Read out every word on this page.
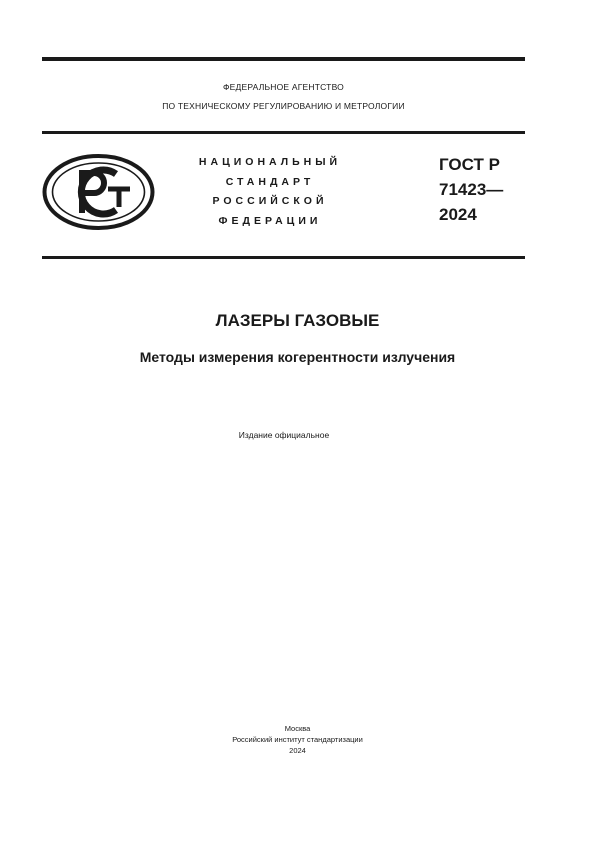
ФЕДЕРАЛЬНОЕ АГЕНТСТВО
ПО ТЕХНИЧЕСКОМУ РЕГУЛИРОВАНИЮ И МЕТРОЛОГИИ
НАЦИОНАЛЬНЫЙ
СТАНДАРТ
РОССИЙСКОЙ
ФЕДЕРАЦИИ
ГОСТ Р
71423—
2024
ЛАЗЕРЫ ГАЗОВЫЕ
Методы измерения когерентности излучения
Издание официальное
Москва
Российский институт стандартизации
2024
